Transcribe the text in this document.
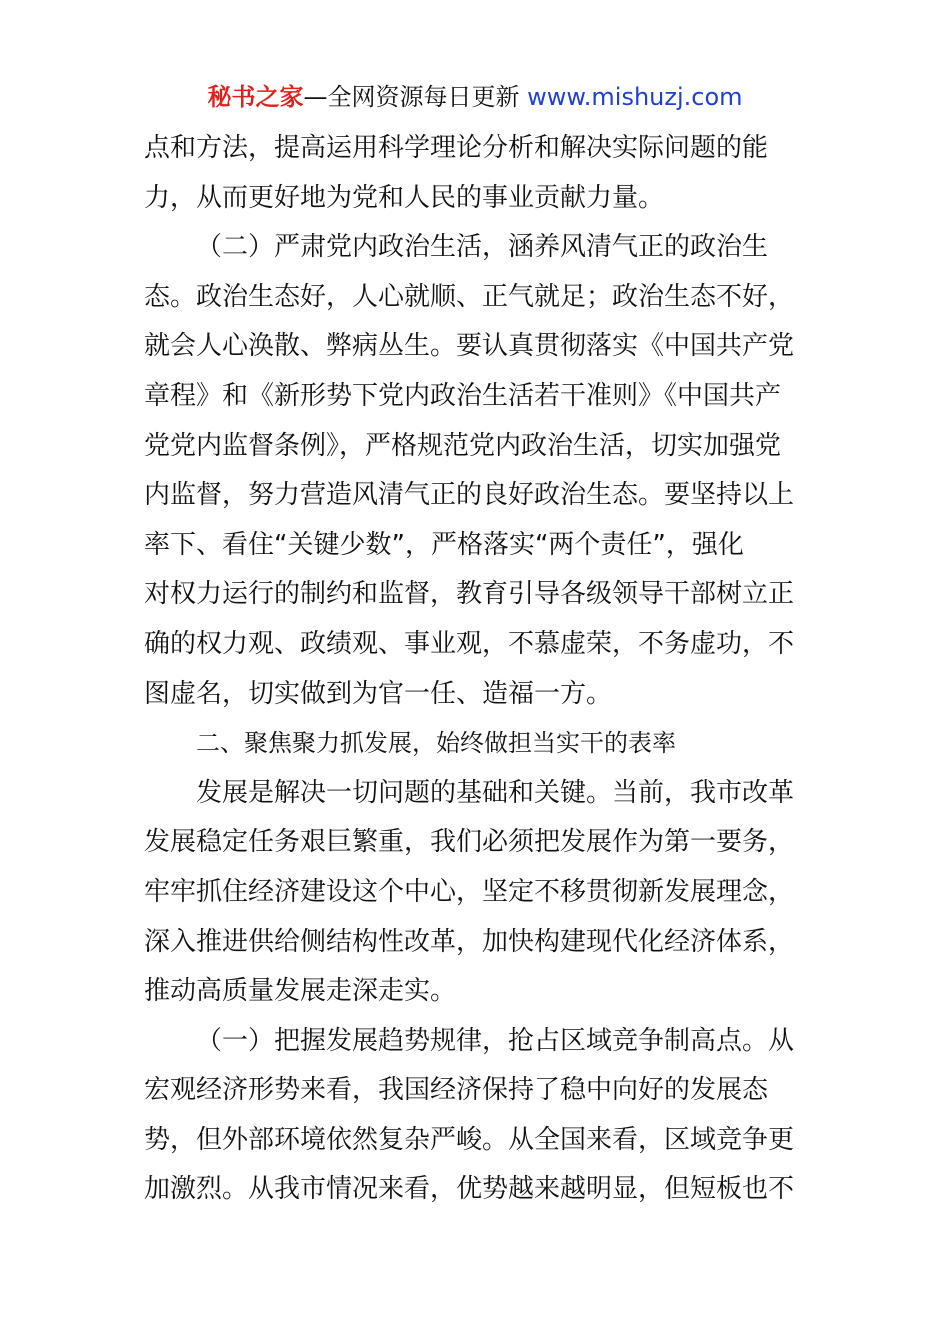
秘书之家—全网资源每日更新 www.mishuzj.com
点和方法，提高运用科学理论分析和解决实际问题的能
力，从而更好地为党和人民的事业贡献力量。
（二）严肃党内政治生活，涵养风清气正的政治生
态。政治生态好，人心就顺、正气就足；政治生态不好，
就会人心涣散、弊病丛生。要认真贯彻落实《中国共产党
章程》和《新形势下党内政治生活若干准则》《中国共产
党党内监督条例》，严格规范党内政治生活，切实加强党
内监督，努力营造风清气正的良好政治生态。要坚持以上
率下、看住“关键少数”，严格落实“两个责任”，强化
对权力运行的制约和监督，教育引导各级领导干部树立正
确的权力观、政绩观、事业观，不慕虚荣，不务虚功，不
图虚名，切实做到为官一任、造福一方。
二、聚焦聚力抓发展，始终做担当实干的表率
发展是解决一切问题的基础和关键。当前，我市改革
发展稳定任务艰巨繁重，我们必须把发展作为第一要务，
牢牢抓住经济建设这个中心，坚定不移贯彻新发展理念，
深入推进供给侧结构性改革，加快构建现代化经济体系，
推动高质量发展走深走实。
（一）把握发展趋势规律，抢占区域竞争制高点。从
宏观经济形势来看，我国经济保持了稳中向好的发展态
势，但外部环境依然复杂严峻。从全国来看，区域竞争更
加激烈。从我市情况来看，优势越来越明显，但短板也不
